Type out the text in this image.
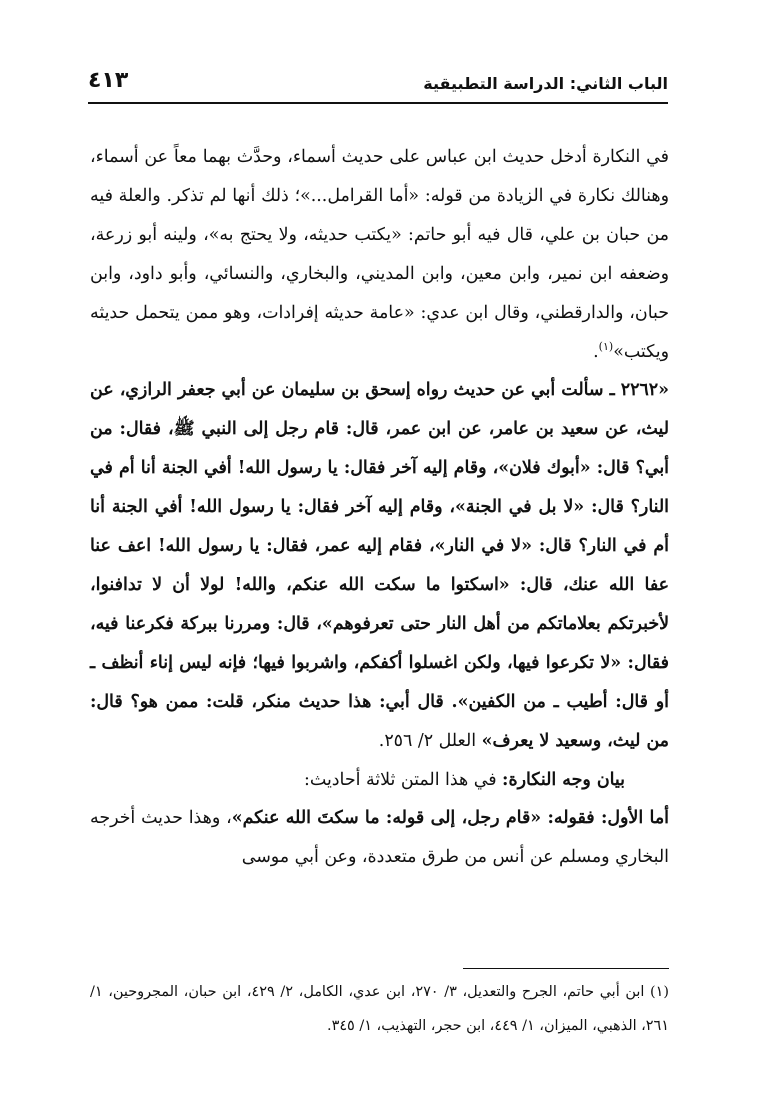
الباب الثاني: الدراسة التطبيقية
٤١٣

في النكارة أدخل حديث ابن عباس على حديث أسماء، وحدَّث بهما معاً عن أسماء، وهنالك نكارة في الزيادة من قوله: «أما القرامل...»؛ ذلك أنها لم تذكر. والعلة فيه من حبان بن علي، قال فيه أبو حاتم: «يكتب حديثه، ولا يحتج به»، ولينه أبو زرعة، وضعفه ابن نمير، وابن معين، وابن المديني، والبخاري، والنسائي، وأبو داود، وابن حبان، والدارقطني، وقال ابن عدي: «عامة حديثه إفرادات، وهو ممن يتحمل حديثه ويكتب»$^{(١)}$.

«٢٢٦٢ ـ سألت أبي عن حديث رواه إسحق بن سليمان عن أبي جعفر الرازي، عن ليث، عن سعيد بن عامر، عن ابن عمر، قال: قام رجل إلى النبي ﷺ، فقال: من أبي؟ قال: «أبوك فلان»، وقام إليه آخر فقال: يا رسول الله! أفي الجنة أنا أم في النار؟ قال: «لا بل في الجنة»، وقام إليه آخر فقال: يا رسول الله! أفي الجنة أنا أم في النار؟ قال: «لا في النار»، فقام إليه عمر، فقال: يا رسول الله! اعف عنا عفا الله عنك، قال: «اسكتوا ما سكت الله عنكم، والله! لولا أن لا تدافنوا، لأخبرتكم بعلاماتكم من أهل النار حتى تعرفوهم»، قال: ومررنا ببركة فكرعنا فيه، فقال: «لا تكرعوا فيها، ولكن اغسلوا أكفكم، واشربوا فيها؛ فإنه ليس إناء أنظف ـ أو قال: أطيب ـ من الكفين». قال أبي: هذا حديث منكر، قلت: ممن هو؟ قال: من ليث، وسعيد لا يعرف» العلل ٢/ ٢٥٦.

بيان وجه النكارة: في هذا المتن ثلاثة أحاديث:

أما الأول: فقوله: «قام رجل، إلى قوله: ما سكتَ الله عنكم»، وهذا حديث أخرجه البخاري ومسلم عن أنس من طرق متعددة، وعن أبي موسى

(١) ابن أبي حاتم، الجرح والتعديل، ٣/ ٢٧٠، ابن عدي، الكامل، ٢/ ٤٢٩، ابن حبان، المجروحين، ١/ ٢٦١، الذهبي، الميزان، ١/ ٤٤٩، ابن حجر، التهذيب، ١/ ٣٤٥.
